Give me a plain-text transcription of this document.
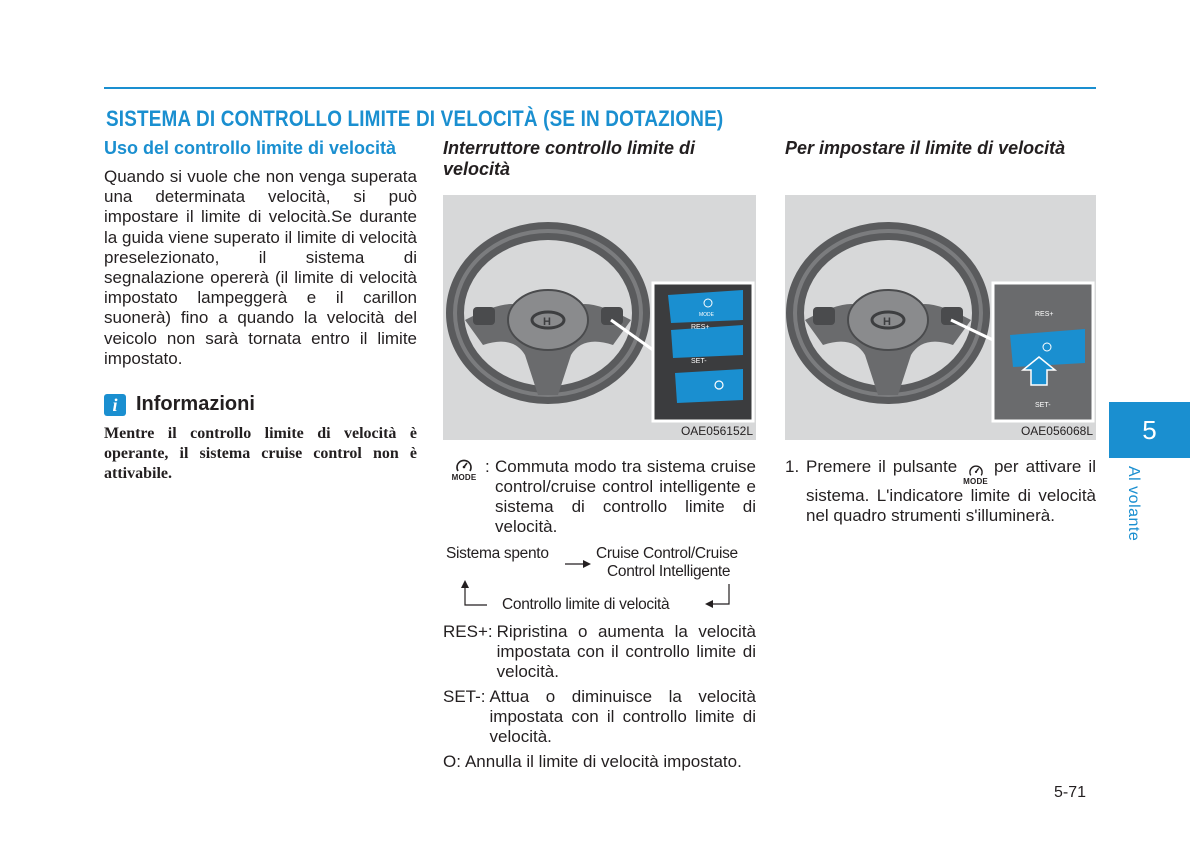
SISTEMA DI CONTROLLO LIMITE DI VELOCITÀ (SE IN DOTAZIONE)
Uso del controllo limite di velocità

Quando si vuole che non venga superata una determinata velocità, si può impostare il limite di velocità.Se durante la guida viene superato il limite di velocità preselezionato, il sistema di segnalazione opererà (il limite di velocità impostato lampeggerà e il carillon suonerà) fino a quando la velocità del veicolo non sarà tornata entro il limite impostato.

i Informazioni
Mentre il controllo limite di velocità è operante, il sistema cruise control non è attivabile.
Interruttore controllo limite di velocità
H
MODE
RES+
SET-
OAE056152L
MODE
: Commuta modo tra sistema cruise control/cruise control intelligente e sistema di controllo limite di velocità.
Sistema spento	Cruise Control/Cruise
Control Intelligente
Controllo limite di velocità
RES+: Ripristina o aumenta la velocità impostata con il controllo limite di velocità.
SET-: Attua o diminuisce la velocità impostata con il controllo limite di velocità.
O: Annulla il limite di velocità impostato.
Per impostare il limite di velocità
H
RES+
SET-
OAE056068L
1. Premere il pulsante
MODE
per attivare il sistema. L'indicatore limite di velocità nel quadro strumenti s'illuminerà.
5
Al volante
5-71
